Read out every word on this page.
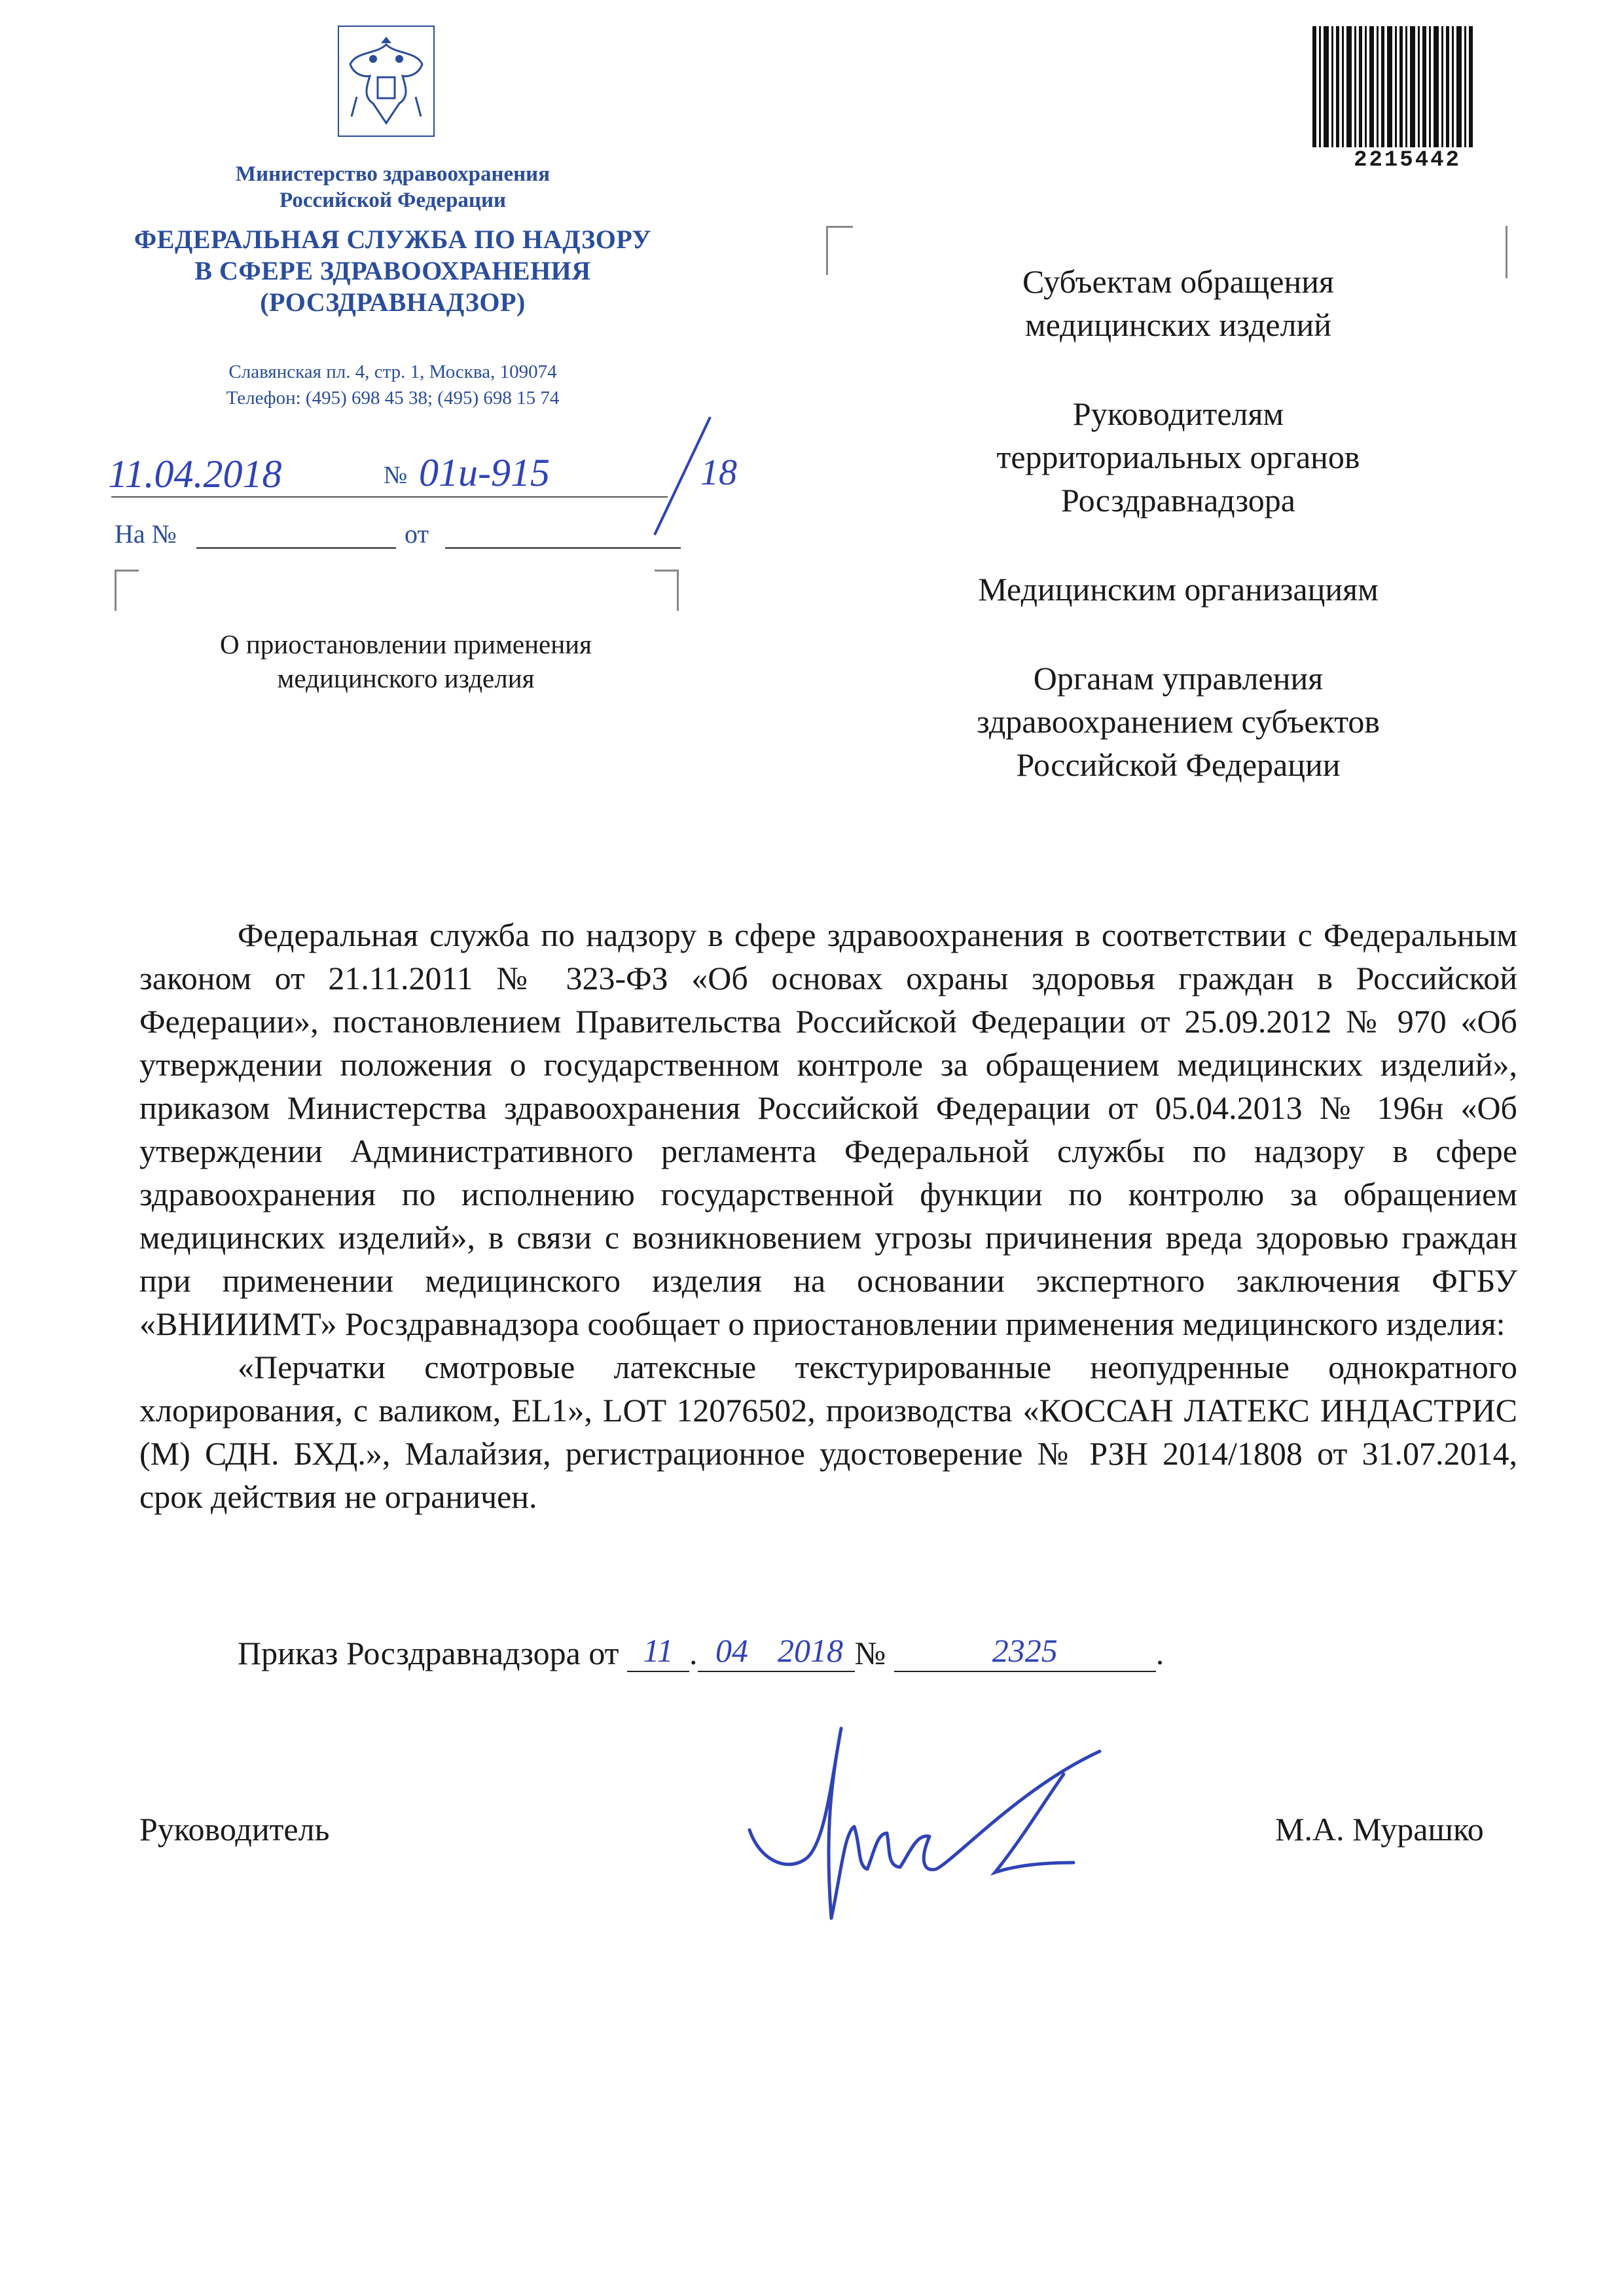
Министерство здравоохранения
Российской Федерации
ФЕДЕРАЛЬНАЯ СЛУЖБА ПО НАДЗОРУ
В СФЕРЕ ЗДРАВООХРАНЕНИЯ
(РОСЗДРАВНАДЗОР)
Славянская пл. 4, стр. 1, Москва, 109074
Телефон: (495) 698 45 38; (495) 698 15 74
11.04.2018	№ 01и-915	18
На №	от
О приостановлении применения
медицинского изделия
2215442
Субъектам обращения
медицинских изделий
Руководителям
территориальных органов
Росздравнадзора
Медицинским организациям
Органам управления
здравоохранением субъектов
Российской Федерации

Федеральная служба по надзору в сфере здравоохранения в соответствии с Федеральным законом от 21.11.2011 № 323-ФЗ «Об основах охраны здоровья граждан в Российской Федерации», постановлением Правительства Российской Федерации от 25.09.2012 № 970 «Об утверждении положения о государственном контроле за обращением медицинских изделий», приказом Министерства здравоохранения Российской Федерации от 05.04.2013 № 196н «Об утверждении Административного регламента Федеральной службы по надзору в сфере здравоохранения по исполнению государственной функции по контролю за обращением медицинских изделий», в связи с возникновением угрозы причинения вреда здоровью граждан при применении медицинского изделия на основании экспертного заключения ФГБУ «ВНИИИМТ» Росздравнадзора сообщает о приостановлении применения медицинского изделия:

«Перчатки смотровые латексные текстурированные неопудренные однократного хлорирования, с валиком, EL1», LOT 12076502, производства «КОССАН ЛАТЕКС ИНДАСТРИС (М) СДН. БХД.», Малайзия, регистрационное удостоверение № РЗН 2014/1808 от 31.07.2014, срок действия не ограничен.

Приказ Росздравнадзора от 11 . 04 2018 №	2325	.
Руководитель	М.А. Мурашко
